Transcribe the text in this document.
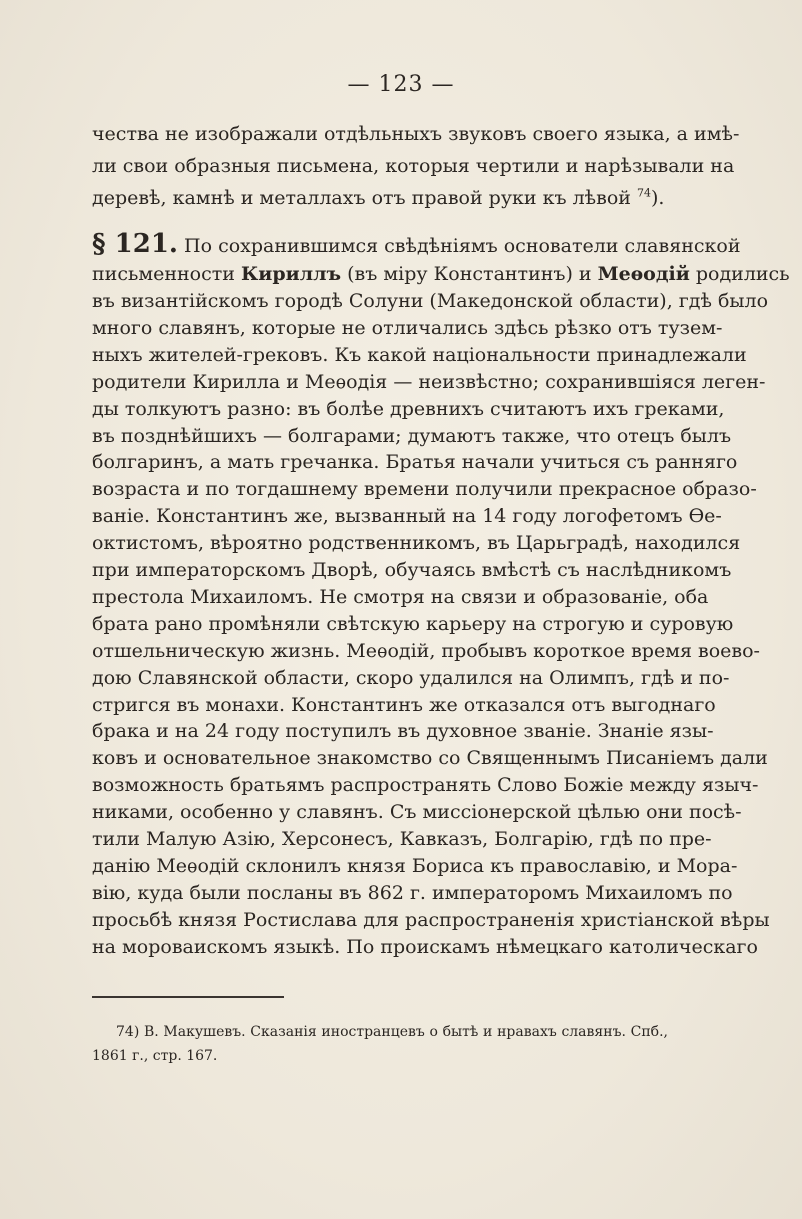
— 123 —
чества не изображали отдѣльныхъ звуковъ своего языка, а имѣ-
ли свои образныя письмена, которыя чертили и нарѣзывали на
деревѣ, камнѣ и металлахъ отъ правой руки къ лѣвой $^{74}$).
§ 121. По сохранившимся свѣдѣніямъ основатели славянской
письменности Кириллъ (въ міру Константинъ) и Меѳодій родились
въ византійскомъ городѣ Солуни (Македонской области), гдѣ было
много славянъ, которые не отличались здѣсь рѣзко отъ тузем-
ныхъ жителей-грековъ. Къ какой національности принадлежали
родители Кирилла и Меѳодія — неизвѣстно; сохранившіяся леген-
ды толкуютъ разно: въ болѣе древнихъ считаютъ ихъ греками,
въ позднѣйшихъ — болгарами; думаютъ также, что отецъ былъ
болгаринъ, а мать гречанка. Братья начали учиться съ ранняго
возраста и по тогдашнему времени получили прекрасное образо-
ваніе. Константинъ же, вызванный на 14 году логофетомъ Ѳе-
октистомъ, вѣроятно родственникомъ, въ Царьградѣ, находился
при императорскомъ Дворѣ, обучаясь вмѣстѣ съ наслѣдникомъ
престола Михаиломъ. Не смотря на связи и образованіе, оба
брата рано промѣняли свѣтскую карьеру на строгую и суровую
отшельническую жизнь. Меѳодій, пробывъ короткое время воево-
дою Славянской области, скоро удалился на Олимпъ, гдѣ и по-
стригся въ монахи. Константинъ же отказался отъ выгоднаго
брака и на 24 году поступилъ въ духовное званіе. Знаніе язы-
ковъ и основательное знакомство со Священнымъ Писаніемъ дали
возможность братьямъ распространять Слово Божіе между языч-
никами, особенно у славянъ. Съ миссіонерской цѣлью они посѣ-
тили Малую Азію, Херсонесъ, Кавказъ, Болгарію, гдѣ по пре-
данію Меѳодій склонилъ князя Бориса къ православію, и Мора-
вію, куда были посланы въ 862 г. императоромъ Михаиломъ по
просьбѣ князя Ростислава для распространенія христіанской вѣры
на мороваискомъ языкѣ. По проискамъ нѣмецкаго католическаго
74) В. Макушевъ. Сказанія иностранцевъ о бытѣ и нравахъ славянъ. Спб.,
1861 г., стр. 167.
